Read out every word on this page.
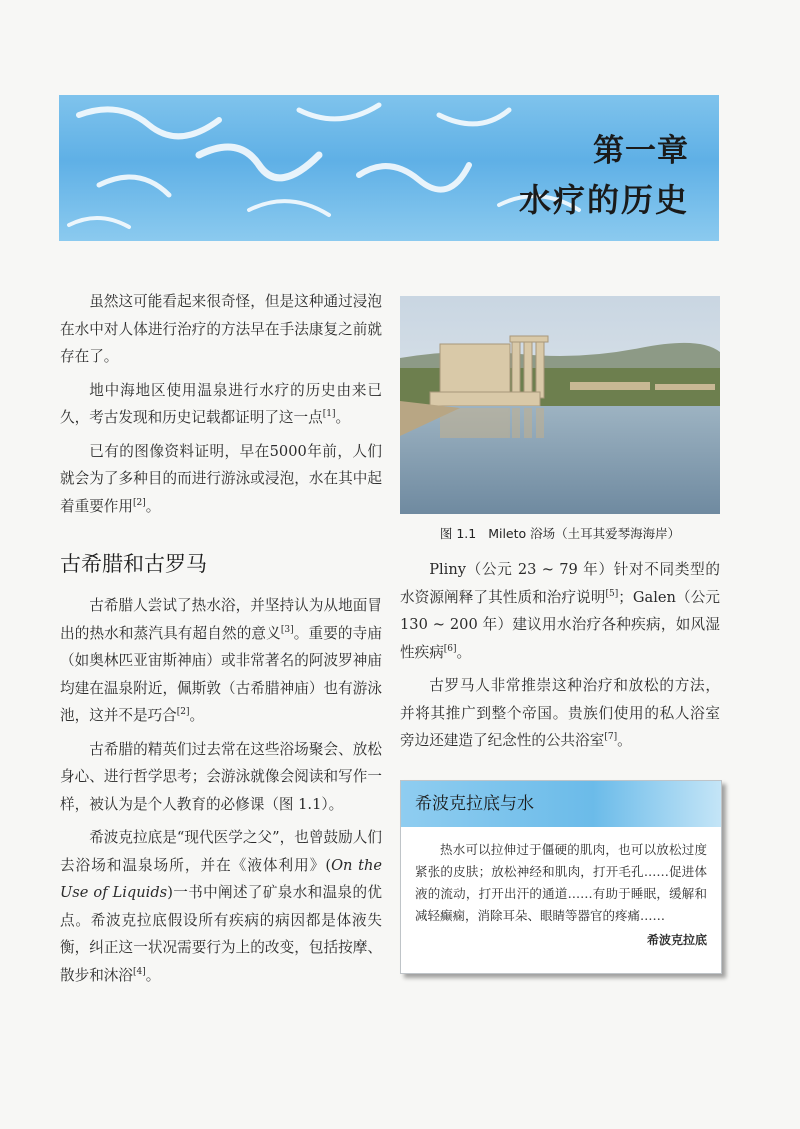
第一章
水疗的历史

虽然这可能看起来很奇怪，但是这种通过浸泡在水中对人体进行治疗的方法早在手法康复之前就存在了。

地中海地区使用温泉进行水疗的历史由来已久，考古发现和历史记载都证明了这一点[1]。

已有的图像资料证明，早在5000年前，人们就会为了多种目的而进行游泳或浸泡，水在其中起着重要作用[2]。

古希腊和古罗马

古希腊人尝试了热水浴，并坚持认为从地面冒出的热水和蒸汽具有超自然的意义[3]。重要的寺庙（如奥林匹亚宙斯神庙）或非常著名的阿波罗神庙均建在温泉附近，佩斯敦（古希腊神庙）也有游泳池，这并不是巧合[2]。

古希腊的精英们过去常在这些浴场聚会、放松身心、进行哲学思考；会游泳就像会阅读和写作一样，被认为是个人教育的必修课（图 1.1）。

希波克拉底是“现代医学之父”，也曾鼓励人们去浴场和温泉场所，并在《液体利用》(On the Use of Liquids)一书中阐述了矿泉水和温泉的优点。希波克拉底假设所有疾病的病因都是体液失衡，纠正这一状况需要行为上的改变，包括按摩、散步和沐浴[4]。

图 1.1 Mileto 浴场（土耳其爱琴海海岸）

Pliny（公元 23 ~ 79 年）针对不同类型的水资源阐释了其性质和治疗说明[5]；Galen（公元 130 ~ 200 年）建议用水治疗各种疾病，如风湿性疾病[6]。

古罗马人非常推崇这种治疗和放松的方法，并将其推广到整个帝国。贵族们使用的私人浴室旁边还建造了纪念性的公共浴室[7]。

希波克拉底与水

热水可以拉伸过于僵硬的肌肉，也可以放松过度紧张的皮肤；放松神经和肌肉，打开毛孔……促进体液的流动，打开出汗的通道……有助于睡眠，缓解和减轻癫痫，消除耳朵、眼睛等器官的疼痛……

希波克拉底
